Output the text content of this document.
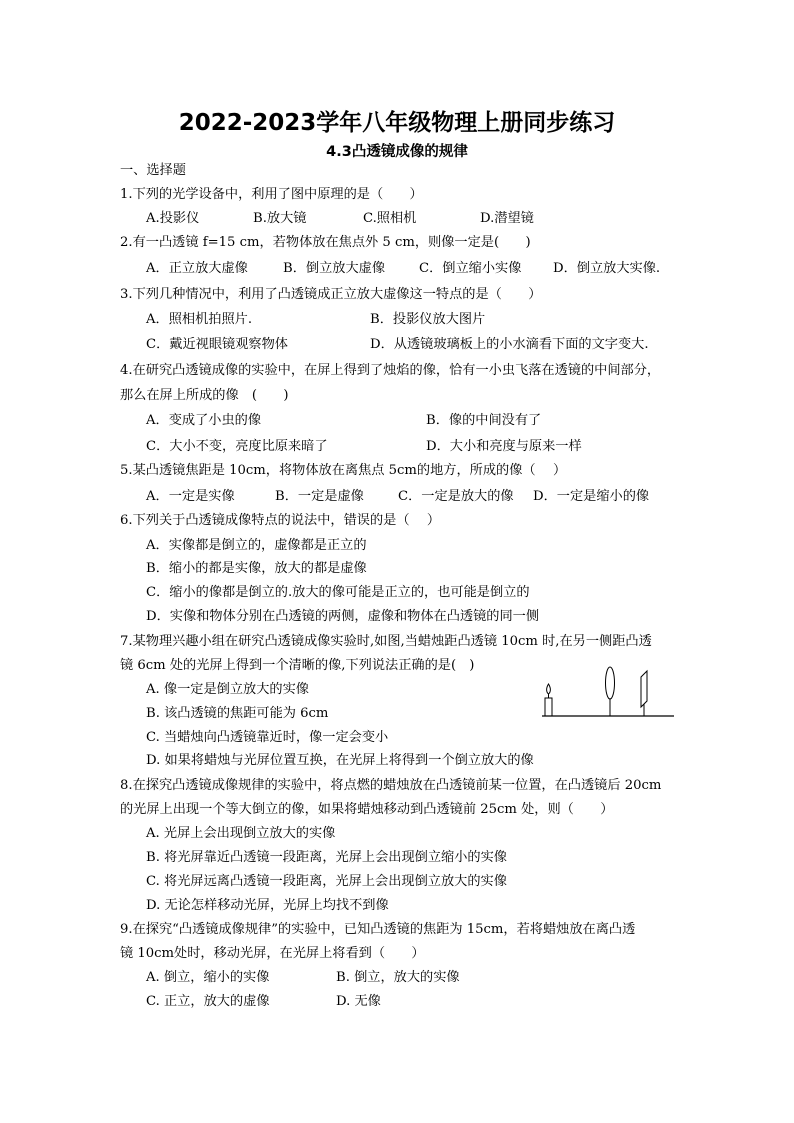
2022-2023学年八年级物理上册同步练习
4.3凸透镜成像的规律
一、选择题
1.下列的光学设备中，利用了图中原理的是（　　）
A.投影仪	B.放大镜	C.照相机	D.潜望镜
2.有一凸透镜 f=15 cm，若物体放在焦点外 5 cm，则像一定是(　　)
A．正立放大虚像	B．倒立放大虚像	C．倒立缩小实像 D．倒立放大实像.
3.下列几种情况中，利用了凸透镜成正立放大虚像这一特点的是（　　）
A．照相机拍照片.	B．投影仪放大图片
C．戴近视眼镜观察物体	D．从透镜玻璃板上的小水滴看下面的文字变大.
4.在研究凸透镜成像的实验中，在屏上得到了烛焰的像，恰有一小虫飞落在透镜的中间部分，
那么在屏上所成的像　(　　)
A．变成了小虫的像	B．像的中间没有了
C．大小不变，亮度比原来暗了	D．大小和亮度与原来一样
5.某凸透镜焦距是 10cm，将物体放在离焦点 5cm的地方，所成的像（　 ）
A．一定是实像	B．一定是虚像	C．一定是放大的像 D．一定是缩小的像
6.下列关于凸透镜成像特点的说法中，错误的是（　 ）
A．实像都是倒立的，虚像都是正立的
B．缩小的都是实像，放大的都是虚像
C．缩小的像都是倒立的.放大的像可能是正立的，也可能是倒立的
D．实像和物体分别在凸透镜的两侧，虚像和物体在凸透镜的同一侧
7.某物理兴趣小组在研究凸透镜成像实验时,如图,当蜡烛距凸透镜 10cm 时,在另一侧距凸透
镜 6cm 处的光屏上得到一个清晰的像,下列说法正确的是(　)
A. 像一定是倒立放大的实像
B. 该凸透镜的焦距可能为 6cm
C. 当蜡烛向凸透镜靠近时，像一定会变小
D. 如果将蜡烛与光屏位置互换，在光屏上将得到一个倒立放大的像
8.在探究凸透镜成像规律的实验中，将点燃的蜡烛放在凸透镜前某一位置，在凸透镜后 20cm
的光屏上出现一个等大倒立的像，如果将蜡烛移动到凸透镜前 25cm 处，则（　　）
A. 光屏上会出现倒立放大的实像
B. 将光屏靠近凸透镜一段距离，光屏上会出现倒立缩小的实像
C. 将光屏远离凸透镜一段距离，光屏上会出现倒立放大的实像
D. 无论怎样移动光屏，光屏上均找不到像
9.在探究“凸透镜成像规律”的实验中，已知凸透镜的焦距为 15cm，若将蜡烛放在离凸透
镜 10cm处时，移动光屏，在光屏上将看到（　　）
A. 倒立，缩小的实像	B. 倒立，放大的实像
C. 正立，放大的虚像	D. 无像
